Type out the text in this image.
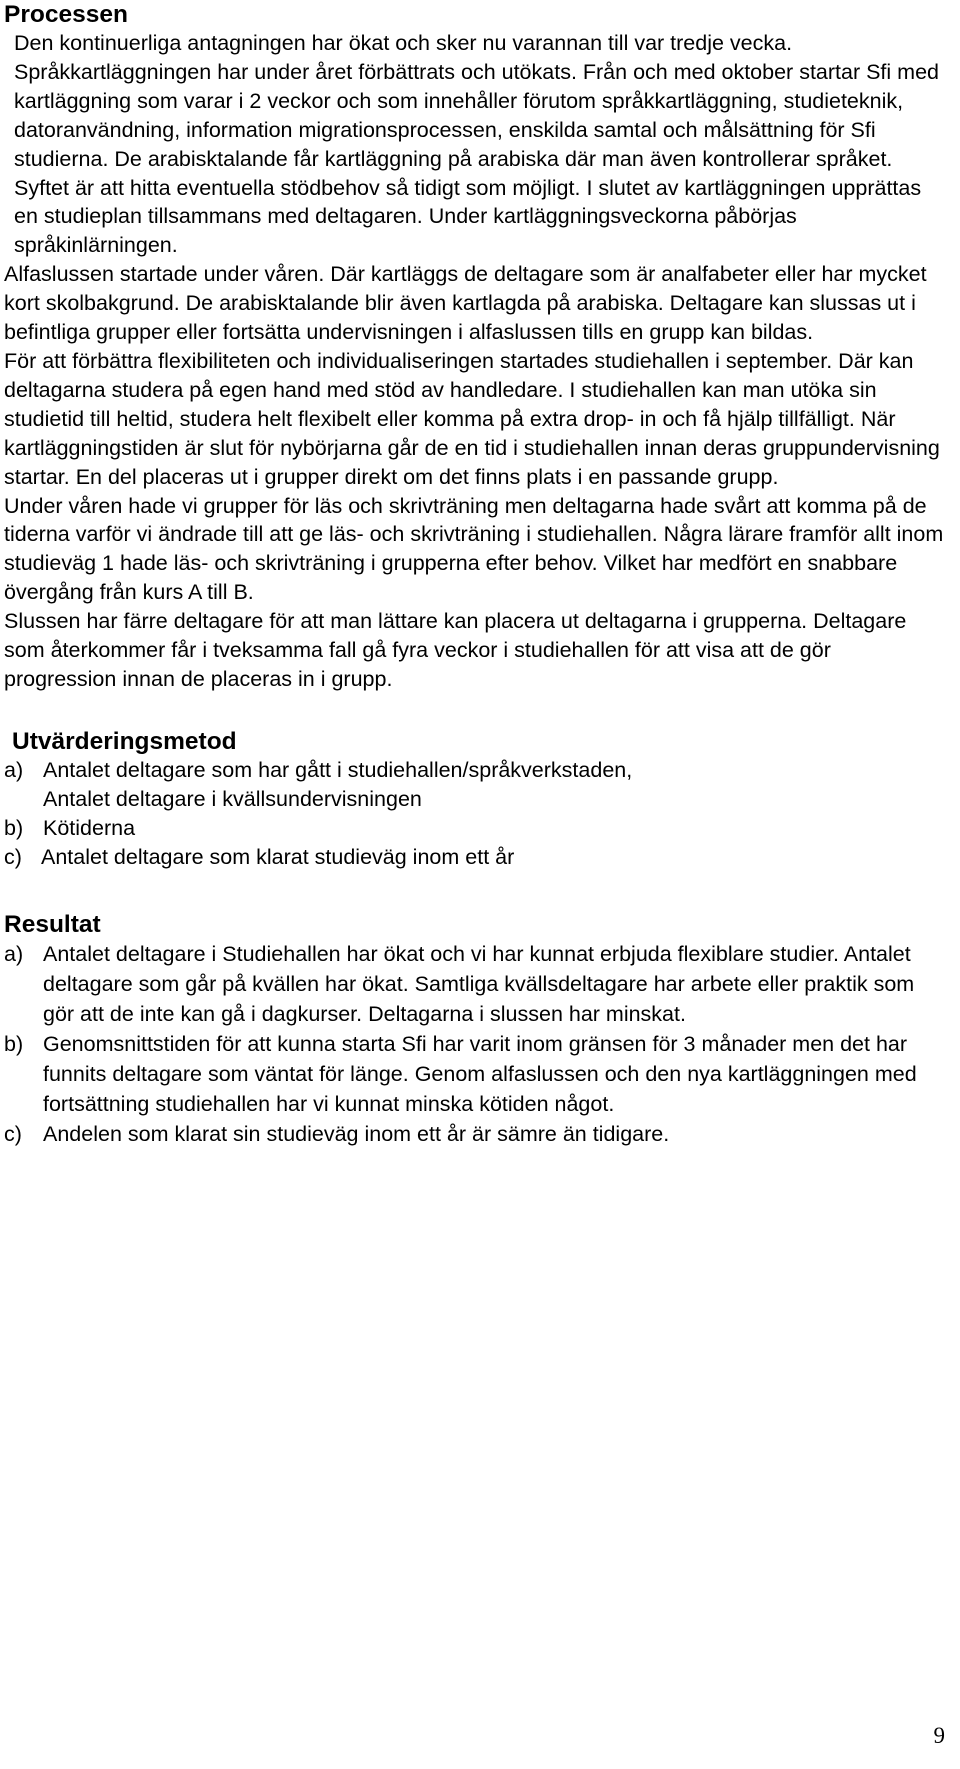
Processen

Den kontinuerliga antagningen har ökat och sker nu varannan till var tredje vecka. Språkkartläggningen har under året förbättrats och utökats. Från och med oktober startar Sfi med kartläggning som varar i 2 veckor och som innehåller förutom språkkartläggning, studieteknik, datoranvändning, information migrationsprocessen, enskilda samtal och målsättning för Sfi studierna. De arabisktalande får kartläggning på arabiska där man även kontrollerar språket. Syftet är att hitta eventuella stödbehov så tidigt som möjligt. I slutet av kartläggningen upprättas en studieplan tillsammans med deltagaren. Under kartläggningsveckorna påbörjas språkinlärningen.

Alfaslussen startade under våren. Där kartläggs de deltagare som är analfabeter eller har mycket kort skolbakgrund. De arabisktalande blir även kartlagda på arabiska. Deltagare kan slussas ut i befintliga grupper eller fortsätta undervisningen i alfaslussen tills en grupp kan bildas.

För att förbättra flexibiliteten och individualiseringen startades studiehallen i september. Där kan deltagarna studera på egen hand med stöd av handledare. I studiehallen kan man utöka sin studietid till heltid, studera helt flexibelt eller komma på extra drop- in och få hjälp tillfälligt. När kartläggningstiden är slut för nybörjarna går de en tid i studiehallen innan deras gruppundervisning startar. En del placeras ut i grupper direkt om det finns plats i en passande grupp.

Under våren hade vi grupper för läs och skrivträning men deltagarna hade svårt att komma på de tiderna varför vi ändrade till att ge läs- och skrivträning i studiehallen. Några lärare framför allt inom studieväg 1 hade läs- och skrivträning i grupperna efter behov. Vilket har medfört en snabbare övergång från kurs A till B.

Slussen har färre deltagare för att man lättare kan placera ut deltagarna i grupperna. Deltagare som återkommer får i tveksamma fall gå fyra veckor i studiehallen för att visa att de gör progression innan de placeras in i grupp.

Utvärderingsmetod
a) Antalet deltagare som har gått i studiehallen/språkverkstaden,
Antalet deltagare i kvällsundervisningen
b) Kötiderna
c) Antalet deltagare som klarat studieväg inom ett år
Resultat
a) Antalet deltagare i Studiehallen har ökat och vi har kunnat erbjuda flexiblare studier. Antalet deltagare som går på kvällen har ökat. Samtliga kvällsdeltagare har arbete eller praktik som gör att de inte kan gå i dagkurser. Deltagarna i slussen har minskat.
b) Genomsnittstiden för att kunna starta Sfi har varit inom gränsen för 3 månader men det har funnits deltagare som väntat för länge. Genom alfaslussen och den nya kartläggningen med fortsättning studiehallen har vi kunnat minska kötiden något.
c) Andelen som klarat sin studieväg inom ett år är sämre än tidigare.
9
